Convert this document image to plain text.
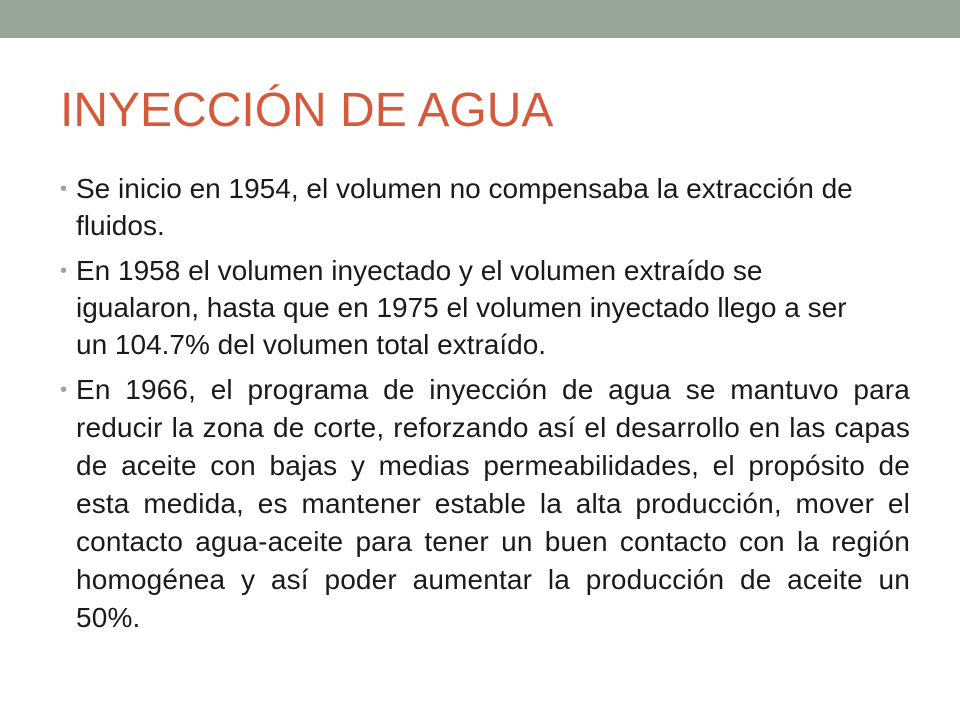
INYECCIÓN DE AGUA
• Se inicio en 1954, el volumen no compensaba la extracción de fluidos.
• En 1958 el volumen inyectado y el volumen extraído se igualaron, hasta que en 1975 el volumen inyectado llego a ser un 104.7% del volumen total extraído.
• En 1966, el programa de inyección de agua se mantuvo para reducir la zona de corte, reforzando así el desarrollo en las capas de aceite con bajas y medias permeabilidades, el propósito de esta medida, es mantener estable la alta producción, mover el contacto agua-aceite para tener un buen contacto con la región homogénea y así poder aumentar la producción de aceite un 50%.
